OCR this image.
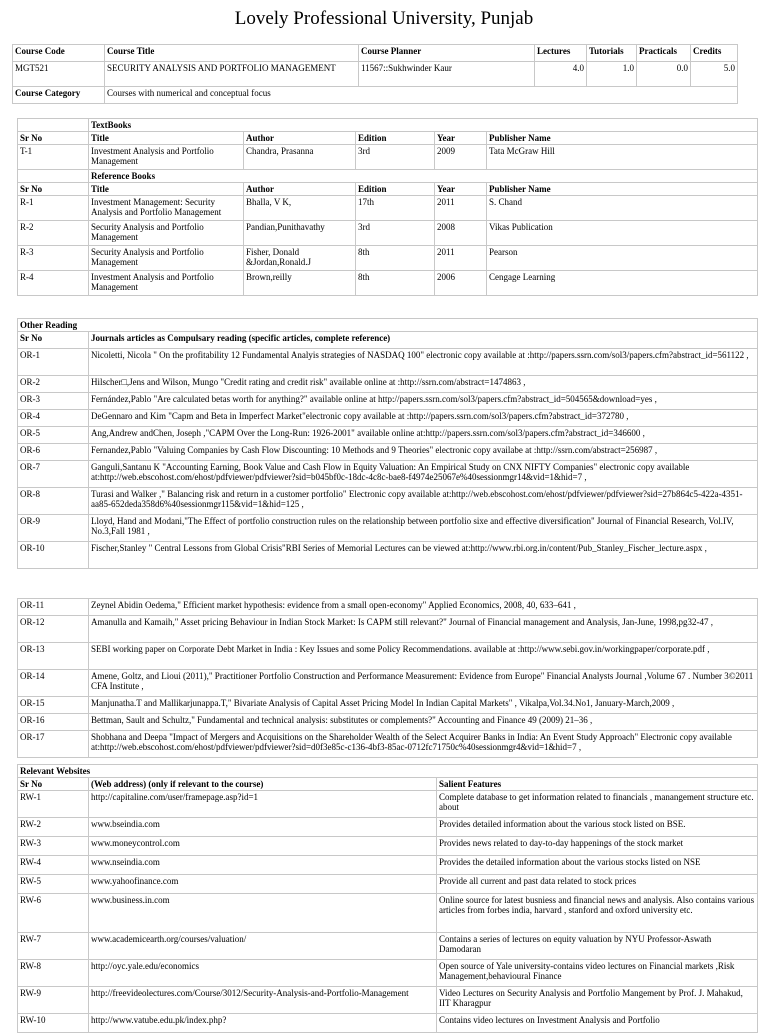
Lovely Professional University, Punjab
Course Code	Course Title	Course Planner	Lectures	Tutorials	Practicals	Credits
MGT521	SECURITY ANALYSIS AND PORTFOLIO MANAGEMENT	11567::Sukhwinder Kaur	4.0	1.0	0.0	5.0
Course Category	Courses with numerical and conceptual focus					
	TextBooks				
Sr No	Title	Author	Edition	Year	Publisher Name
T-1	Investment Analysis and Portfolio Management	Chandra, Prasanna	3rd	2009	Tata McGraw Hill
	Reference Books				
Sr No	Title	Author	Edition	Year	Publisher Name
R-1	Investment Management: Security Analysis and Portfolio Management	Bhalla, V K,	17th	2011	S. Chand
R-2	Security Analysis and Portfolio Management	Pandian,Punithavathy	3rd	2008	Vikas Publication
R-3	Security Analysis and Portfolio Management	Fisher, Donald &Jordan,Ronald.J	8th	2011	Pearson
R-4	Investment Analysis and Portfolio Management	Brown,reilly	8th	2006	Cengage Learning
Other Reading	
Sr No	Journals articles as Compulsary reading (specific articles, complete reference)
OR-1	Nicoletti, Nicola " On the profitability 12 Fundamental Analyis strategies of NASDAQ 100" electronic copy available at :http://papers.ssrn.com/sol3/papers.cfm?abstract_id=561122 ,
OR-2	Hilscher□,Jens and Wilson, Mungo "Credit rating and credit risk" available online at :http://ssrn.com/abstract=1474863 ,
OR-3	Fernández,Pablo "Are calculated betas worth for anything?" available online at http://papers.ssrn.com/sol3/papers.cfm?abstract_id=504565&download=yes ,
OR-4	DeGennaro and Kim "Capm and Beta in Imperfect Market"electronic copy available at :http://papers.ssrn.com/sol3/papers.cfm?abstract_id=372780 ,
OR-5	Ang,Andrew andChen, Joseph ,"CAPM Over the Long-Run: 1926-2001" available online at:http://papers.ssrn.com/sol3/papers.cfm?abstract_id=346600 ,
OR-6	Fernandez,Pablo "Valuing Companies by Cash Flow Discounting: 10 Methods and 9 Theories" electronic copy availabe at :http://ssrn.com/abstract=256987 ,
OR-7	Ganguli,Santanu K "Accounting Earning, Book Value and Cash Flow in Equity Valuation: An Empirical Study on CNX NIFTY Companies" electronic copy available at:http://web.ebscohost.com/ehost/pdfviewer/pdfviewer?sid=b045bf0c-18dc-4c8c-bae8-f4974e25067e%40sessionmgr14&vid=1&hid=7 ,
OR-8	Turasi and Walker ," Balancing risk and return in a customer portfolio" Electronic copy available at:http://web.ebscohost.com/ehost/pdfviewer/pdfviewer?sid=27b864c5-422a-4351-aa85-652deda358d6%40sessionmgr115&vid=1&hid=125 ,
OR-9	Lloyd, Hand and Modani,"The Effect of portfolio construction rules on the relationship between portfolio sixe and effective diversification" Journal of Financial Research, Vol.IV, No.3,Fall 1981 ,
OR-10	Fischer,Stanley " Central Lessons from Global Crisis"RBI Series of Memorial Lectures can be viewed at:http://www.rbi.org.in/content/Pub_Stanley_Fischer_lecture.aspx ,
OR-11	Zeynel Abidin Oedema," Efficient market hypothesis: evidence from a small open-economy" Applied Economics, 2008, 40, 633–641 ,
OR-12	Amanulla and Kamaih," Asset pricing Behaviour in Indian Stock Market: Is CAPM still relevant?" Journal of Financial management and Analysis, Jan-June, 1998,pg32-47 ,
OR-13	SEBI working paper on Corporate Debt Market in India : Key Issues and some Policy Recommendations. available at :http://www.sebi.gov.in/workingpaper/corporate.pdf ,
OR-14	Amene, Goltz, and Lioui (2011)," Practitioner Portfolio Construction and Performance Measurement: Evidence from Europe" Financial Analysts Journal ,Volume 67 . Number 3©2011 CFA Institute ,
OR-15	Manjunatha.T and Mallikarjunappa.T," Bivariate Analysis of Capital Asset Pricing Model In Indian Capital Markets" , Vikalpa,Vol.34.No1, January-March,2009 ,
OR-16	Bettman, Sault and Schultz," Fundamental and technical analysis: substitutes or complements?" Accounting and Finance 49 (2009) 21–36 ,
OR-17	Shobhana and Deepa "Impact of Mergers and Acquisitions on the Shareholder Wealth of the Select Acquirer Banks in India: An Event Study Approach" Electronic copy available at:http://web.ebscohost.com/ehost/pdfviewer/pdfviewer?sid=d0f3e85c-c136-4bf3-85ac-0712fc71750c%40sessionmgr4&vid=1&hid=7 ,
Relevant Websites		
Sr No	(Web address) (only if relevant to the course)	Salient Features
RW-1	http://capitaline.com/user/framepage.asp?id=1	Complete database to get information related to financials , manangement structure etc. about
RW-2	www.bseindia.com	Provides detailed information about the various stock listed on BSE.
RW-3	www.moneycontrol.com	Provides news related to day-to-day happenings of the stock market
RW-4	www.nseindia.com	Provides the detailed information about the various stocks listed on NSE
RW-5	www.yahoofinance.com	Provide all current and past data related to stock prices
RW-6	www.business.in.com	Online source for latest busniess and financial news and analysis. Also contains various articles from forbes india, harvard , stanford and oxford university etc.
RW-7	www.academicearth.org/courses/valuation/	Contains a series of lectures on equity valuation by NYU Professor-Aswath Damodaran
RW-8	http://oyc.yale.edu/economics	Open source of Yale university-contains video lectures on Financial markets ,Risk Management,behavioural Finance
RW-9	http://freevideolectures.com/Course/3012/Security-Analysis-and-Portfolio-Management	Video Lectures on Security Analysis and Portfolio Mangement by Prof. J. Mahakud, IIT Kharagpur
RW-10	http://www.vatube.edu.pk/index.php?	Contains video lectures on Investment Analysis and Portfolio
